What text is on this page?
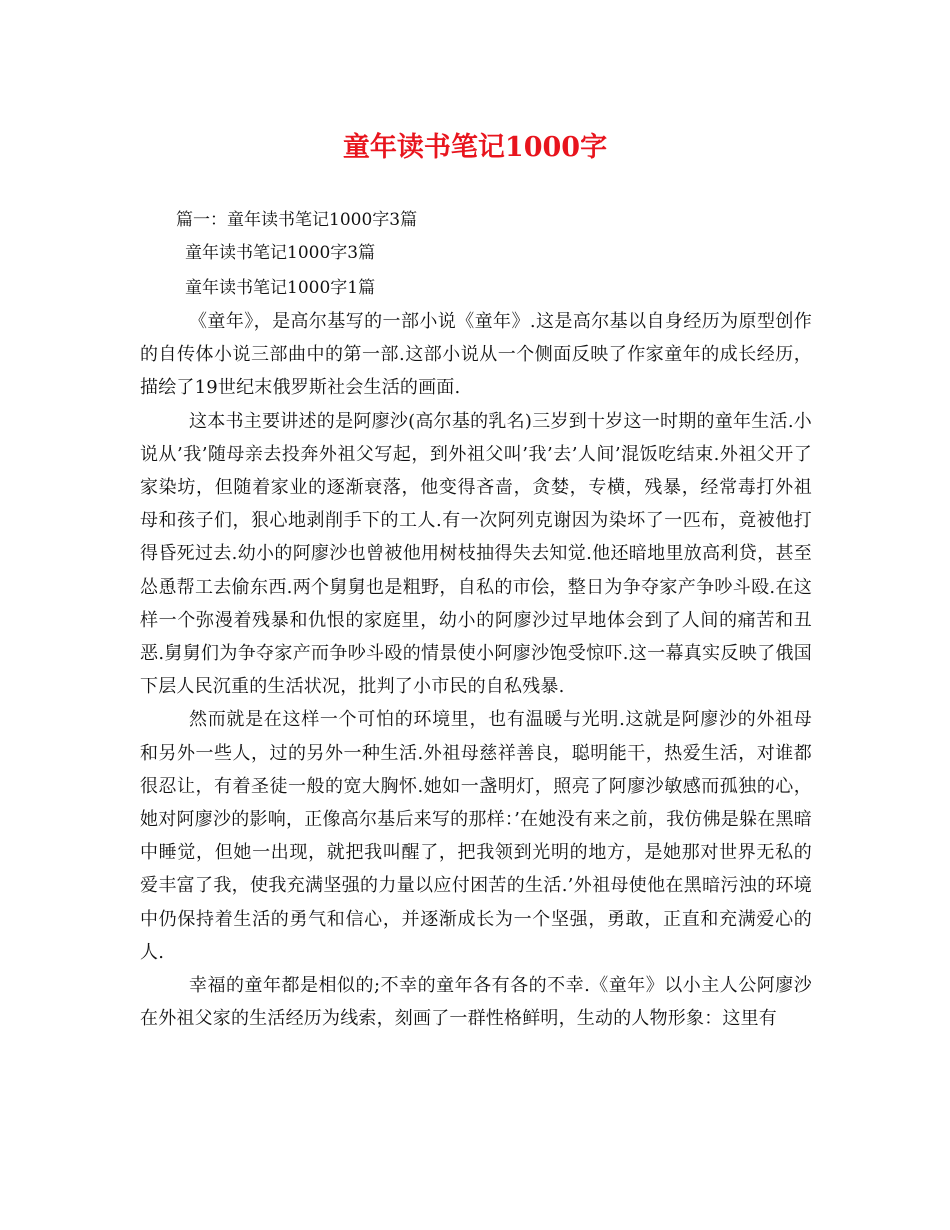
童年读书笔记1000字
篇一：童年读书笔记1000字3篇
童年读书笔记1000字3篇
童年读书笔记1000字1篇

《童年》，是高尔基写的一部小说《童年》.这是高尔基以自身经历为原型创作的自传体小说三部曲中的第一部.这部小说从一个侧面反映了作家童年的成长经历，描绘了19世纪末俄罗斯社会生活的画面.

这本书主要讲述的是阿廖沙(高尔基的乳名)三岁到十岁这一时期的童年生活.小说从’我’随母亲去投奔外祖父写起，到外祖父叫’我’去’人间’混饭吃结束.外祖父开了家染坊，但随着家业的逐渐衰落，他变得吝啬，贪婪，专横，残暴，经常毒打外祖母和孩子们，狠心地剥削手下的工人.有一次阿列克谢因为染坏了一匹布，竟被他打得昏死过去.幼小的阿廖沙也曾被他用树枝抽得失去知觉.他还暗地里放高利贷，甚至怂恿帮工去偷东西.两个舅舅也是粗野，自私的市侩，整日为争夺家产争吵斗殴.在这样一个弥漫着残暴和仇恨的家庭里，幼小的阿廖沙过早地体会到了人间的痛苦和丑恶.舅舅们为争夺家产而争吵斗殴的情景使小阿廖沙饱受惊吓.这一幕真实反映了俄国下层人民沉重的生活状况，批判了小市民的自私残暴.

然而就是在这样一个可怕的环境里，也有温暖与光明.这就是阿廖沙的外祖母和另外一些人，过的另外一种生活.外祖母慈祥善良，聪明能干，热爱生活，对谁都很忍让，有着圣徒一般的宽大胸怀.她如一盏明灯，照亮了阿廖沙敏感而孤独的心，她对阿廖沙的影响，正像高尔基后来写的那样：’在她没有来之前，我仿佛是躲在黑暗中睡觉，但她一出现，就把我叫醒了，把我领到光明的地方，是她那对世界无私的爱丰富了我，使我充满坚强的力量以应付困苦的生活.’外祖母使他在黑暗污浊的环境中仍保持着生活的勇气和信心，并逐渐成长为一个坚强，勇敢，正直和充满爱心的人.

幸福的童年都是相似的;不幸的童年各有各的不幸.《童年》以小主人公阿廖沙在外祖父家的生活经历为线索，刻画了一群性格鲜明，生动的人物形象：这里有
